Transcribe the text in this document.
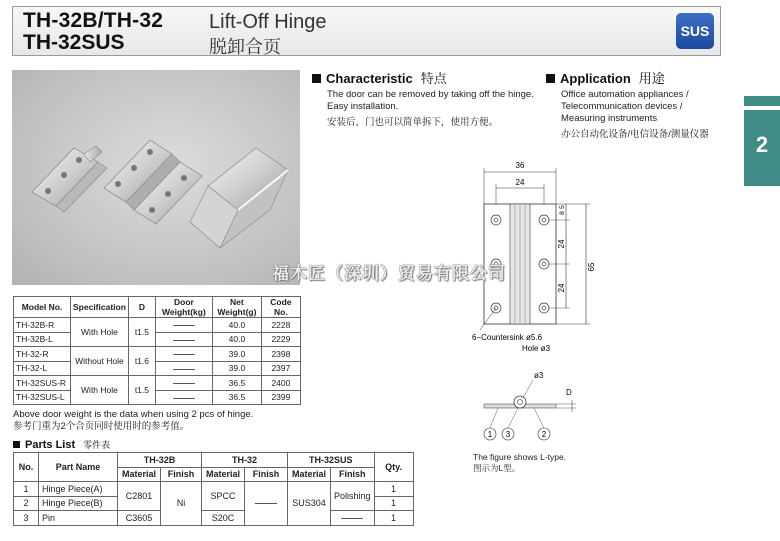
TH-32B/TH-32
TH-32SUS
Lift-Off Hinge
脱卸合页
SUS
2
Characteristic 特点
The door can be removed by taking off the hinge.
Easy installation.
安装后，门也可以简单拆下，使用方便。
Application 用途
Office automation appliances /
Telecommunication devices /
Measuring instruments
办公自动化设备/电信设备/测量仪器
36
24
65
8
5
24
24
6−Countersink ø5.6
Hole ø3
ø3
D
1 3	2
The figure shows L-type.
图示为L型。
Model No.	Specification	D	Door Weight(kg)	Net Weight(g)	Code No.
TH-32B-R	With Hole	t1.5		40.0	2228
TH-32B-L				40.0	2229
TH-32-R	Without Hole	t1.6		39.0	2398
TH-32-L				39.0	2397
TH-32SUS-R	With Hole	t1.5		36.5	2400
TH-32SUS-L				36.5	2399
Above door weight is the data when using 2 pcs of hinge.
参考门重为2个合页同时使用时的参考值。
Parts List 零件表
No.	Part Name	TH-32B		TH-32		TH-32SUS		Qty.
		Material	Finish	Material	Finish	Material	Finish	
1	Hinge Piece(A)	C2801	Ni	SPCC		SUS304	Polishing	1
2	Hinge Piece(B)							1
3	Pin	C3605		S20C				1
福木匠（深圳）贸易有限公司
